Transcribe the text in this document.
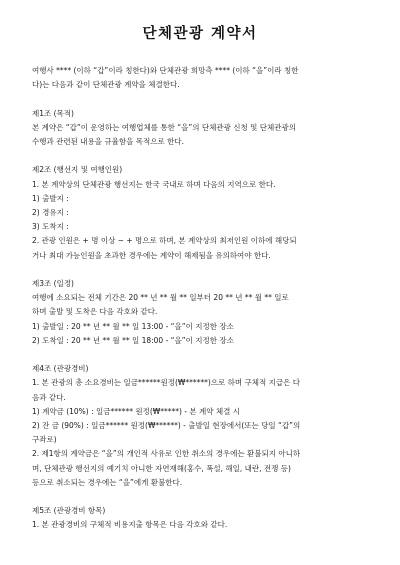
단체관광 계약서
여행사 **** (이하 “갑”이라 칭한다)와 단체관광 희망측 **** (이하 “을”이라 칭한
다)는 다음과 같이 단체관광 계약을 체결한다.
제1조 (목적)
본 계약은 “갑”이 운영하는 여행업체를 통한 “을”의 단체관광 신청 및 단체관광의
수행과 관련된 내용을 규율함을 목적으로 한다.
제2조 (행선지 및 여행인원)
1. 본 계약상의 단체관광 행선지는 한국 국내로 하며 다음의 지역으로 한다.
1) 출발지 :
2) 경유지 :
3) 도착지 :
2. 관광 인원은 + 명 이상 ~ + 명으로 하며, 본 계약상의 최저인원 이하에 해당되
거나 최대 가능인원을 초과한 경우에는 계약이 해제됨을 유의하여야 한다.
제3조 (일정)
여행에 소요되는 전체 기간은 20 ** 년 ** 월 ** 일부터 20 ** 년 ** 월 ** 일로
하며 출발 및 도착은 다음 각호와 같다.
1) 출발일 : 20 ** 년 ** 월 ** 일 13:00 - “을”이 지정한 장소
2) 도착일 : 20 ** 년 ** 월 ** 일 18:00 - “을”이 지정한 장소
제4조 (관광경비)
1. 본 관광의 총 소요경비는 일금******원정(₩******)으로 하며 구체적 지급은 다
음과 같다.
1) 계약금 (10%) : 일금****** 원정(₩*****) - 본 계약 체결 시
2) 잔 금 (90%) : 일금****** 원정(₩******) - 출발일 현장에서(또는 당일 “갑”의
구좌로)
2. 제1항의 계약금은 “을”의 개인적 사유로 인한 취소의 경우에는 환불되지 아니하
며, 단체관광 행선지의 예기치 아니한 자연재해(홍수, 폭설, 해일, 내란, 전쟁 등)
등으로 취소되는 경우에는 “을”에게 환불한다.
제5조 (관광경비 항목)
1. 본 관광경비의 구체적 비용지출 항목은 다음 각호와 같다.
